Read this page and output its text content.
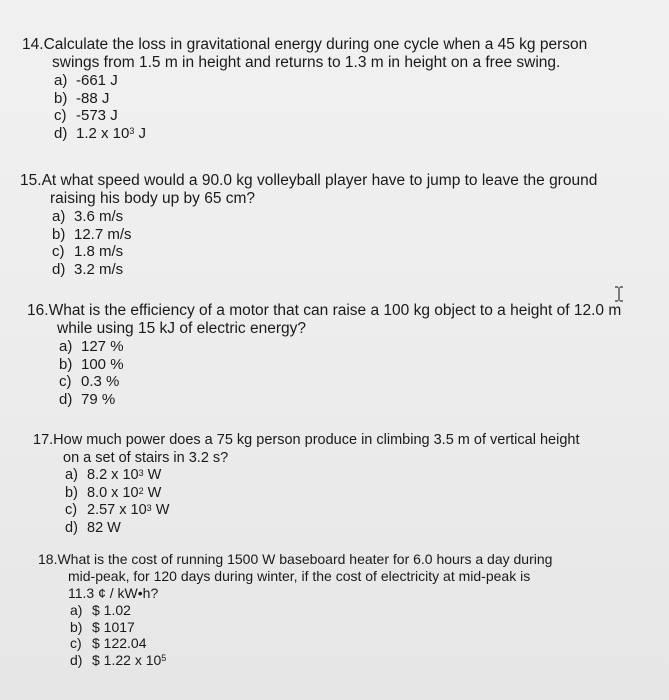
14.Calculate the loss in gravitational energy during one cycle when a 45 kg person
swings from 1.5 m in height and returns to 1.3 m in height on a free swing.
a) -661 J
b) -88 J
c) -573 J
d) 1.2 x $10^3$ J
15.At what speed would a 90.0 kg volleyball player have to jump to leave the ground
raising his body up by 65 cm?
a) 3.6 m/s
b) 12.7 m/s
c) 1.8 m/s
d) 3.2 m/s
16.What is the efficiency of a motor that can raise a 100 kg object to a height of 12.0 m
while using 15 kJ of electric energy?
a) 127 %
b) 100 %
c) 0.3 %
d) 79 %
17.How much power does a 75 kg person produce in climbing 3.5 m of vertical height
on a set of stairs in 3.2 s?
a) 8.2 x $10^3$ W
b) 8.0 x $10^2$ W
c) 2.57 x $10^3$ W
d) 82 W
18.What is the cost of running 1500 W baseboard heater for 6.0 hours a day during
mid-peak, for 120 days during winter, if the cost of electricity at mid-peak is
11.3 ¢ / kW•h?
a) $ 1.02
b) $ 1017
c) $ 122.04
d) $ 1.22 x $10^5$
